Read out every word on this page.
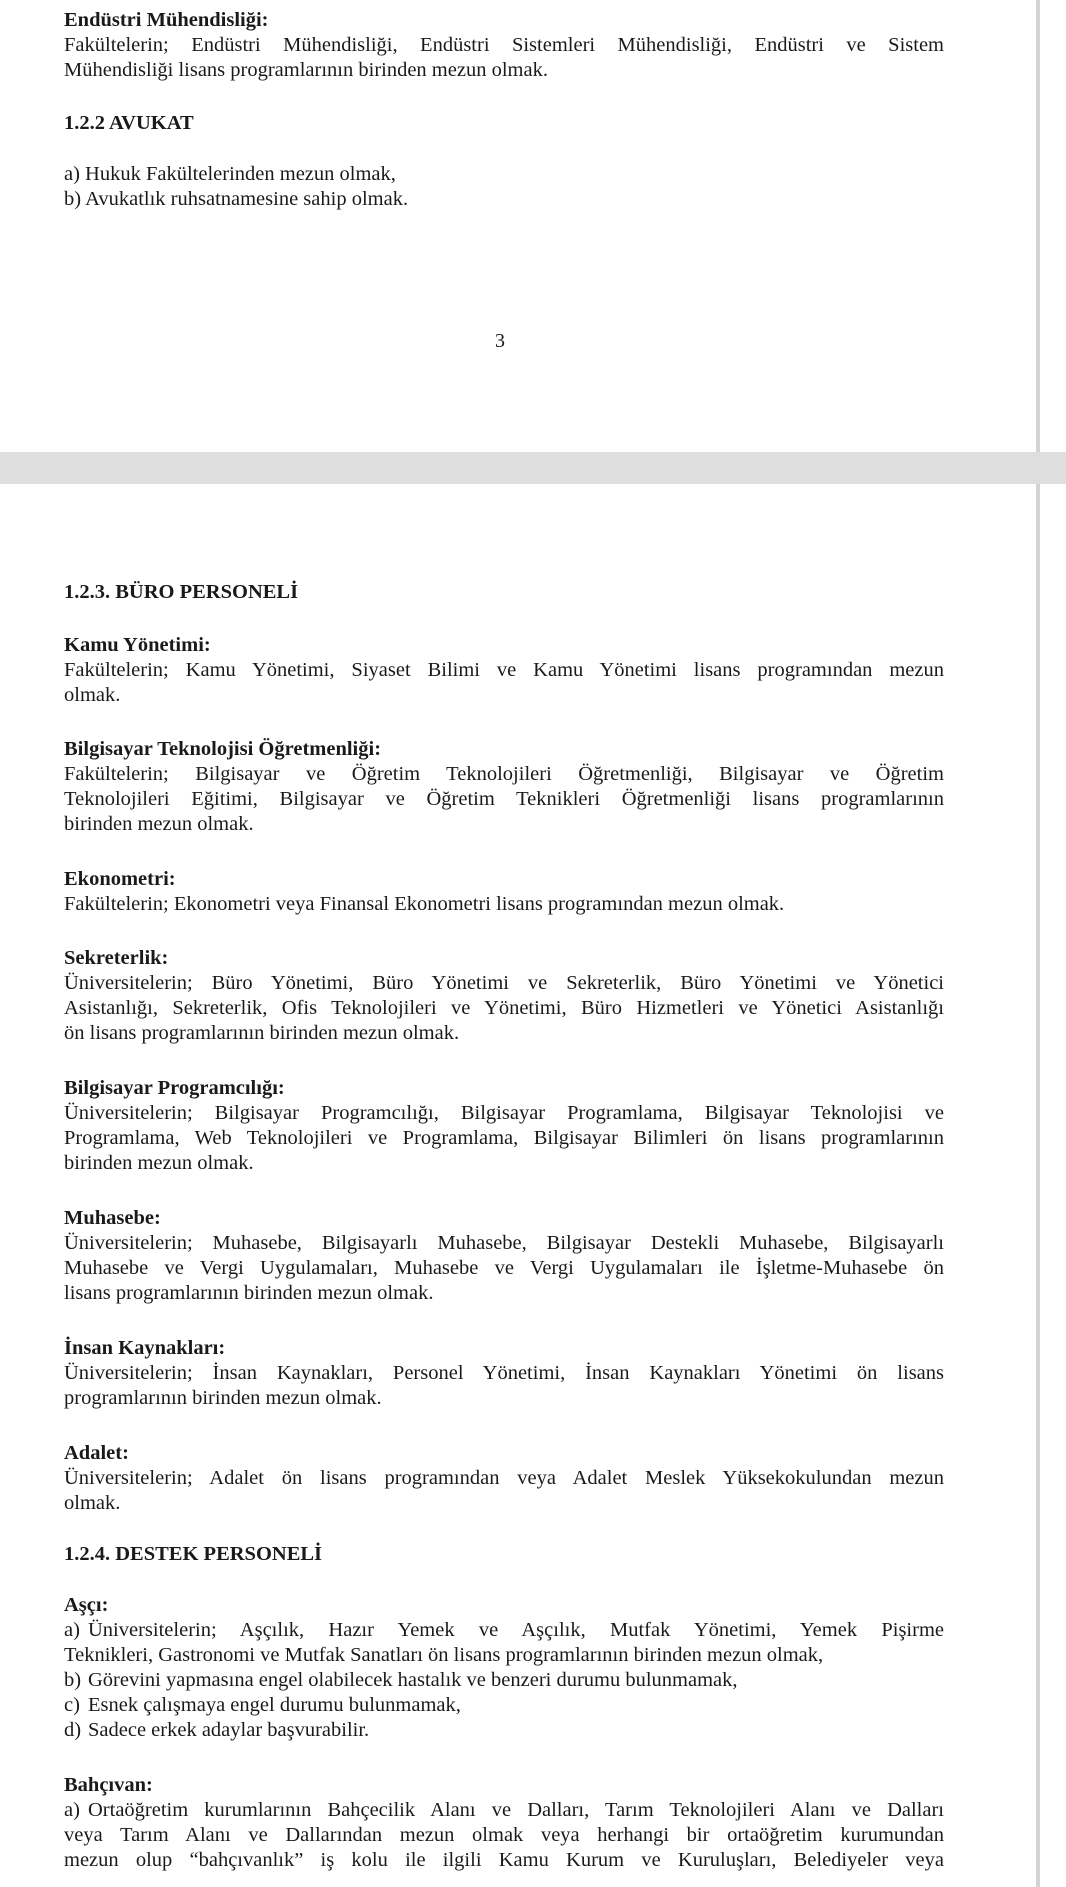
Endüstri Mühendisliği:

Fakültelerin; Endüstri Mühendisliği, Endüstri Sistemleri Mühendisliği, Endüstri ve Sistem

Mühendisliği lisans programlarının birinden mezun olmak.

1.2.2 AVUKAT

a) Hukuk Fakültelerinden mezun olmak,

b) Avukatlık ruhsatnamesine sahip olmak.

3

1.2.3. BÜRO PERSONELİ

Kamu Yönetimi:

Fakültelerin; Kamu Yönetimi, Siyaset Bilimi ve Kamu Yönetimi lisans programından mezun

olmak.

Bilgisayar Teknolojisi Öğretmenliği:

Fakültelerin; Bilgisayar ve Öğretim Teknolojileri Öğretmenliği, Bilgisayar ve Öğretim

Teknolojileri Eğitimi, Bilgisayar ve Öğretim Teknikleri Öğretmenliği lisans programlarının

birinden mezun olmak.

Ekonometri:

Fakültelerin; Ekonometri veya Finansal Ekonometri lisans programından mezun olmak.

Sekreterlik:

Üniversitelerin; Büro Yönetimi, Büro Yönetimi ve Sekreterlik, Büro Yönetimi ve Yönetici

Asistanlığı, Sekreterlik, Ofis Teknolojileri ve Yönetimi, Büro Hizmetleri ve Yönetici Asistanlığı

ön lisans programlarının birinden mezun olmak.

Bilgisayar Programcılığı:

Üniversitelerin; Bilgisayar Programcılığı, Bilgisayar Programlama, Bilgisayar Teknolojisi ve

Programlama, Web Teknolojileri ve Programlama, Bilgisayar Bilimleri ön lisans programlarının

birinden mezun olmak.

Muhasebe:

Üniversitelerin; Muhasebe, Bilgisayarlı Muhasebe, Bilgisayar Destekli Muhasebe, Bilgisayarlı

Muhasebe ve Vergi Uygulamaları, Muhasebe ve Vergi Uygulamaları ile İşletme-Muhasebe ön

lisans programlarının birinden mezun olmak.

İnsan Kaynakları:

Üniversitelerin; İnsan Kaynakları, Personel Yönetimi, İnsan Kaynakları Yönetimi ön lisans

programlarının birinden mezun olmak.

Adalet:

Üniversitelerin; Adalet ön lisans programından veya Adalet Meslek Yüksekokulundan mezun

olmak.

1.2.4. DESTEK PERSONELİ

Aşçı:

a) Üniversitelerin; Aşçılık, Hazır Yemek ve Aşçılık, Mutfak Yönetimi, Yemek Pişirme

Teknikleri, Gastronomi ve Mutfak Sanatları ön lisans programlarının birinden mezun olmak,

b) Görevini yapmasına engel olabilecek hastalık ve benzeri durumu bulunmamak,

c) Esnek çalışmaya engel durumu bulunmamak,

d) Sadece erkek adaylar başvurabilir.

Bahçıvan:

a) Ortaöğretim kurumlarının Bahçecilik Alanı ve Dalları, Tarım Teknolojileri Alanı ve Dalları

veya Tarım Alanı ve Dallarından mezun olmak veya herhangi bir ortaöğretim kurumundan

mezun olup “bahçıvanlık” iş kolu ile ilgili Kamu Kurum ve Kuruluşları, Belediyeler veya
